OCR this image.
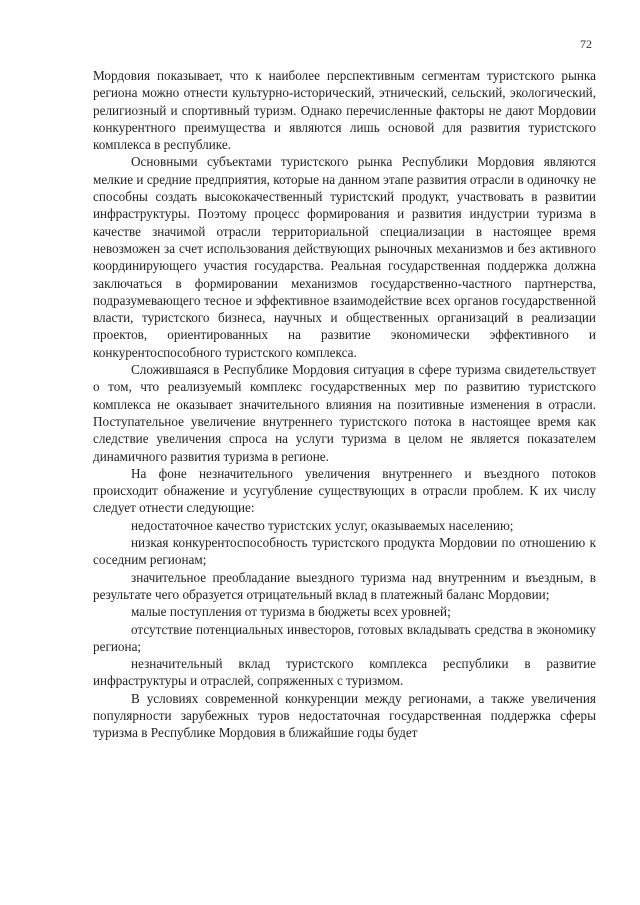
72

Мордовия показывает, что к наиболее перспективным сегментам туристского рынка региона можно отнести культурно-исторический, этнический, сельский, экологический, религиозный и спортивный туризм. Однако перечисленные факторы не дают Мордовии конкурентного преимущества и являются лишь основой для развития туристского комплекса в республике.

Основными субъектами туристского рынка Республики Мордовия являются мелкие и средние предприятия, которые на данном этапе развития отрасли в одиночку не способны создать высококачественный туристский продукт, участвовать в развитии инфраструктуры. Поэтому процесс формирования и развития индустрии туризма в качестве значимой отрасли территориальной специализации в настоящее время невозможен за счет использования действующих рыночных механизмов и без активного координирующего участия государства. Реальная государственная поддержка должна заключаться в формировании механизмов государственно-частного партнерства, подразумевающего тесное и эффективное взаимодействие всех органов государственной власти, туристского бизнеса, научных и общественных организаций в реализации проектов, ориентированных на развитие экономически эффективного и конкурентоспособного туристского комплекса.

Сложившаяся в Республике Мордовия ситуация в сфере туризма свидетельствует о том, что реализуемый комплекс государственных мер по развитию туристского комплекса не оказывает значительного влияния на позитивные изменения в отрасли. Поступательное увеличение внутреннего туристского потока в настоящее время как следствие увеличения спроса на услуги туризма в целом не является показателем динамичного развития туризма в регионе.

На фоне незначительного увеличения внутреннего и въездного потоков происходит обнажение и усугубление существующих в отрасли проблем. К их числу следует отнести следующие:

недостаточное качество туристских услуг, оказываемых населению;

низкая конкурентоспособность туристского продукта Мордовии по отношению к соседним регионам;

значительное преобладание выездного туризма над внутренним и въездным, в результате чего образуется отрицательный вклад в платежный баланс Мордовии;

малые поступления от туризма в бюджеты всех уровней;

отсутствие потенциальных инвесторов, готовых вкладывать средства в экономику региона;

незначительный вклад туристского комплекса республики в развитие инфраструктуры и отраслей, сопряженных с туризмом.

В условиях современной конкуренции между регионами, а также увеличения популярности зарубежных туров недостаточная государственная поддержка сферы туризма в Республике Мордовия в ближайшие годы будет
